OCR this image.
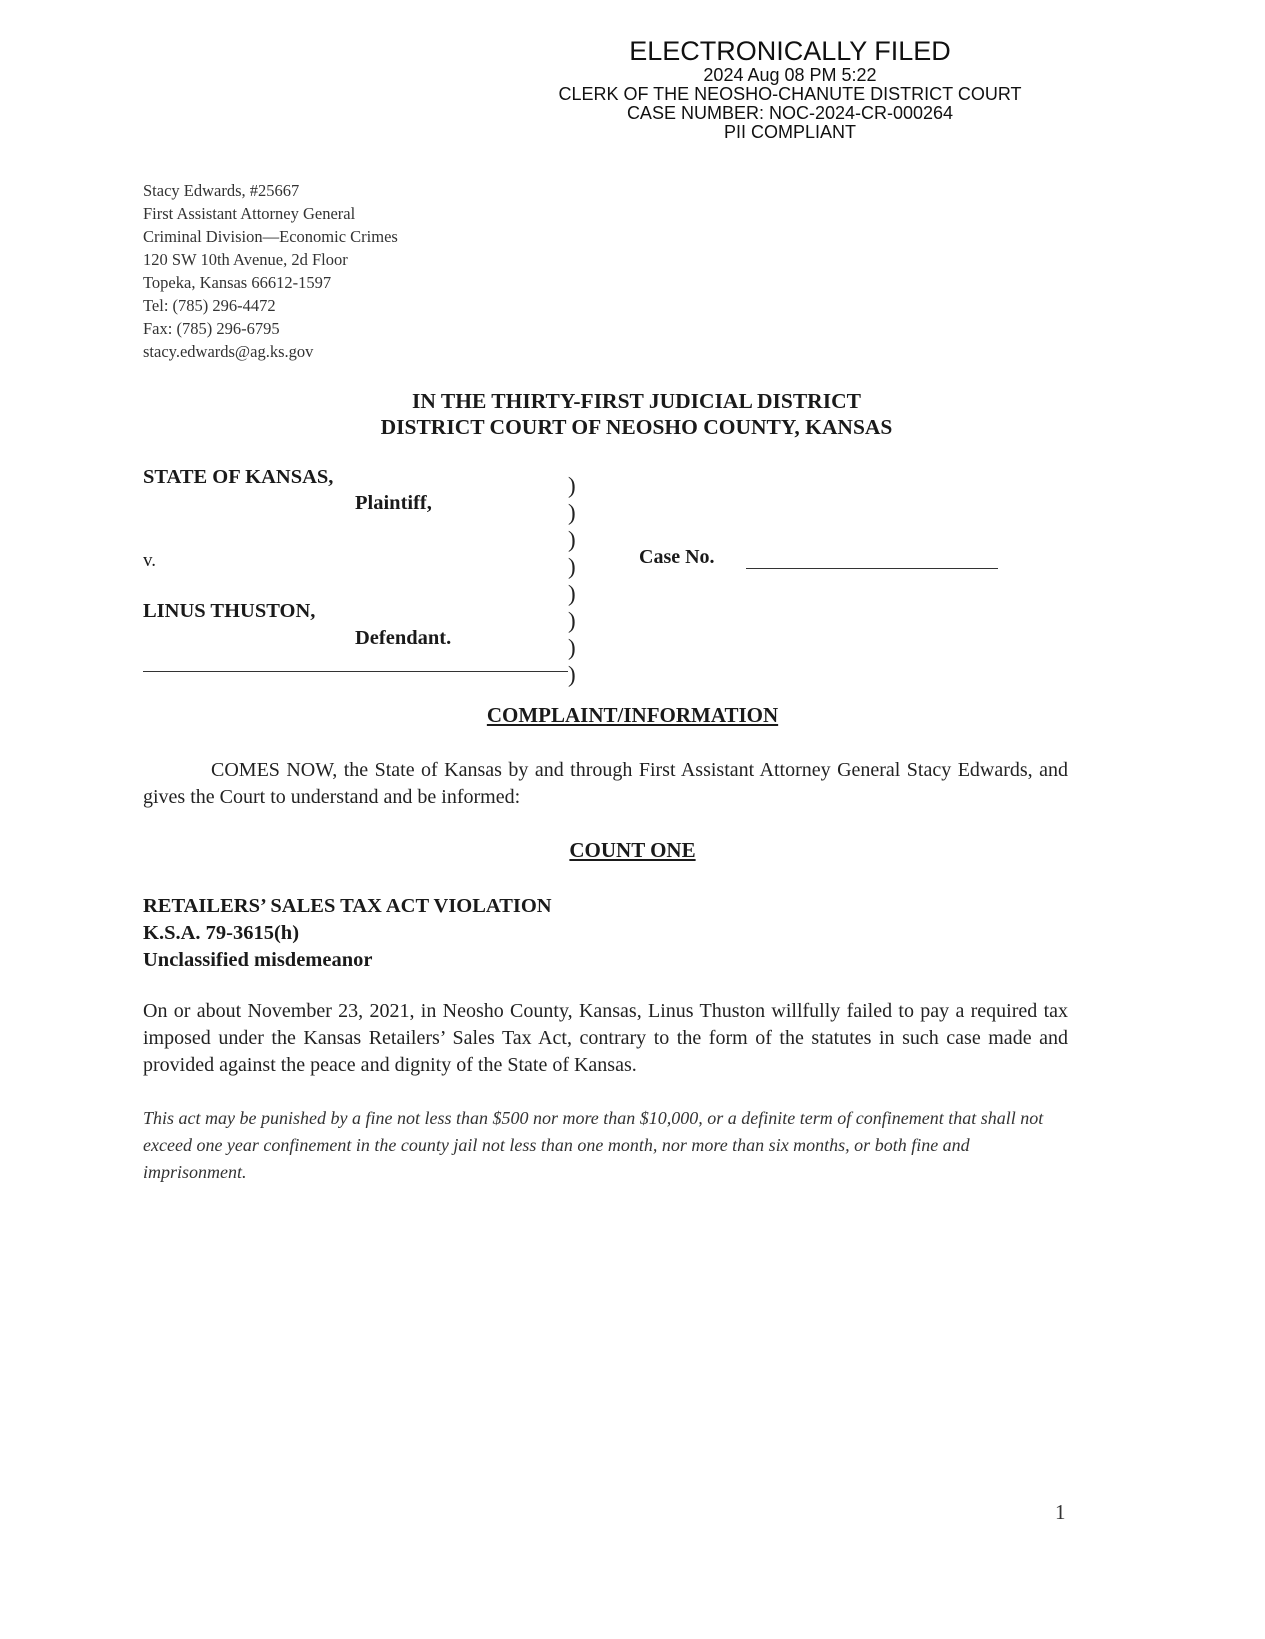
ELECTRONICALLY FILED
2024 Aug 08 PM 5:22
CLERK OF THE NEOSHO-CHANUTE DISTRICT COURT
CASE NUMBER: NOC-2024-CR-000264
PII COMPLIANT
Stacy Edwards, #25667
First Assistant Attorney General
Criminal Division—Economic Crimes
120 SW 10th Avenue, 2d Floor
Topeka, Kansas 66612-1597
Tel: (785) 296-4472
Fax: (785) 296-6795
stacy.edwards@ag.ks.gov
IN THE THIRTY-FIRST JUDICIAL DISTRICT
DISTRICT COURT OF NEOSHO COUNTY, KANSAS
STATE OF KANSAS,
Plaintiff,
v.
LINUS THUSTON,
Defendant.
)
)
)
)
)
)
)
)
Case No.
COMPLAINT/INFORMATION
COMES NOW, the State of Kansas by and through First Assistant Attorney General Stacy Edwards, and gives the Court to understand and be informed:
COUNT ONE
RETAILERS’ SALES TAX ACT VIOLATION
K.S.A. 79-3615(h)
Unclassified misdemeanor
On or about November 23, 2021, in Neosho County, Kansas, Linus Thuston willfully failed to pay a required tax imposed under the Kansas Retailers’ Sales Tax Act, contrary to the form of the statutes in such case made and provided against the peace and dignity of the State of Kansas.
This act may be punished by a fine not less than $500 nor more than $10,000, or a definite term of confinement that shall not exceed one year confinement in the county jail not less than one month, nor more than six months, or both fine and imprisonment.
1
